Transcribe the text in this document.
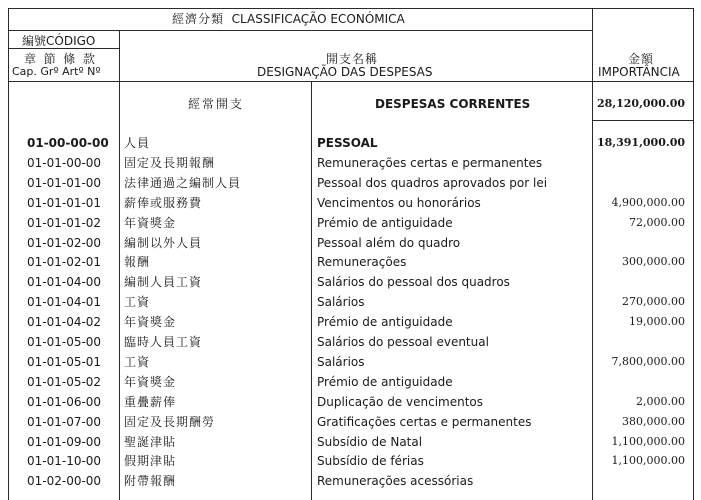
經濟分類 CLASSIFICAÇÃO ECONÓMICA
編號CÓDIGO
章  節  條  款
Cap. Grº Artº Nº
開支名稱
DESIGNAÇÃO DAS DESPESAS
金額
IMPORTÂNCIA
經常開支	DESPESAS CORRENTES	28,120,000.00
01-00-00-00 人員	PESSOAL	18,391,000.00
01-01-00-00 固定及長期報酬	Remunerações certas e permanentes
01-01-01-00 法律通過之編制人員	Pessoal dos quadros aprovados por lei
01-01-01-01 薪俸或服務費	Vencimentos ou honorários	4,900,000.00
01-01-01-02 年資獎金	Prémio de antiguidade	72,000.00
01-01-02-00 編制以外人員	Pessoal além do quadro
01-01-02-01 報酬	Remunerações	300,000.00
01-01-04-00 編制人員工資	Salários do pessoal dos quadros
01-01-04-01 工資	Salários	270,000.00
01-01-04-02 年資獎金	Prémio de antiguidade	19,000.00
01-01-05-00 臨時人員工資	Salários do pessoal eventual
01-01-05-01 工資	Salários	7,800,000.00
01-01-05-02 年資獎金	Prémio de antiguidade
01-01-06-00 重疊薪俸	Duplicação de vencimentos	2,000.00
01-01-07-00 固定及長期酬勞	Gratificações certas e permanentes	380,000.00
01-01-09-00 聖誕津貼	Subsídio de Natal	1,100,000.00
01-01-10-00 假期津貼	Subsídio de férias	1,100,000.00
01-02-00-00 附帶報酬	Remunerações acessórias
